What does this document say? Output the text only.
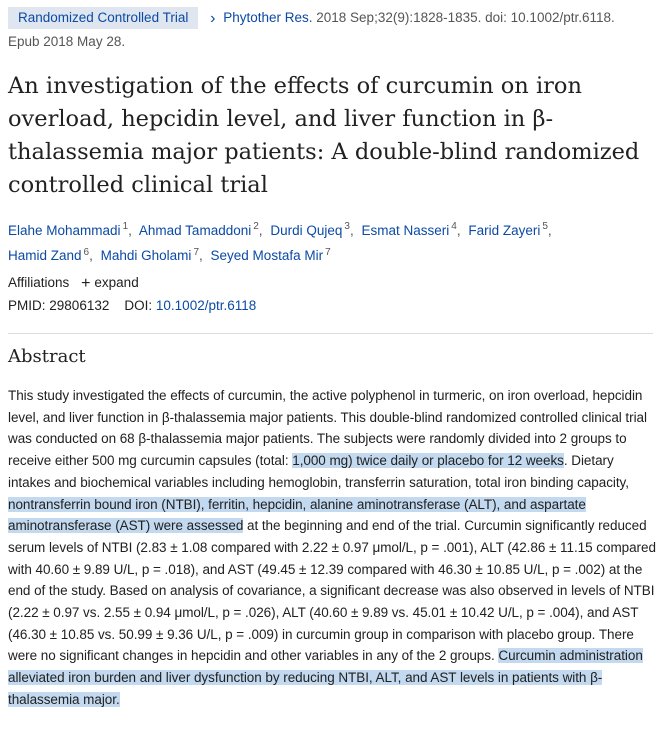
Randomized Controlled Trial › Phytother Res. 2018 Sep;32(9):1828-1835. doi: 10.1002/ptr.6118.
Epub 2018 May 28.
An investigation of the effects of curcumin on iron overload, hepcidin level, and liver function in β-thalassemia major patients: A double-blind randomized controlled clinical trial
Elahe Mohammadi $^1$, Ahmad Tamaddoni $^2$, Durdi Qujeq $^3$, Esmat Nasseri $^4$, Farid Zayeri $^5$,
Hamid Zand $^6$, Mahdi Gholami $^7$, Seyed Mostafa Mir $^7$
Affiliations + expand
PMID: 29806132 DOI: 10.1002/ptr.6118
Abstract

This study investigated the effects of curcumin, the active polyphenol in turmeric, on iron overload, hepcidin level, and liver function in β-thalassemia major patients. This double-blind randomized controlled clinical trial was conducted on 68 β-thalassemia major patients. The subjects were randomly divided into 2 groups to receive either 500 mg curcumin capsules (total: 1,000 mg) twice daily or placebo for 12 weeks. Dietary intakes and biochemical variables including hemoglobin, transferrin saturation, total iron binding capacity, nontransferrin bound iron (NTBI), ferritin, hepcidin, alanine aminotransferase (ALT), and aspartate aminotransferase (AST) were assessed at the beginning and end of the trial. Curcumin significantly reduced serum levels of NTBI (2.83 ± 1.08 compared with 2.22 ± 0.97 μmol/L, p = .001), ALT (42.86 ± 11.15 compared with 40.60 ± 9.89 U/L, p = .018), and AST (49.45 ± 12.39 compared with 46.30 ± 10.85 U/L, p = .002) at the end of the study. Based on analysis of covariance, a significant decrease was also observed in levels of NTBI (2.22 ± 0.97 vs. 2.55 ± 0.94 μmol/L, p = .026), ALT (40.60 ± 9.89 vs. 45.01 ± 10.42 U/L, p = .004), and AST (46.30 ± 10.85 vs. 50.99 ± 9.36 U/L, p = .009) in curcumin group in comparison with placebo group. There were no significant changes in hepcidin and other variables in any of the 2 groups. Curcumin administration alleviated iron burden and liver dysfunction by reducing NTBI, ALT, and AST levels in patients with β-thalassemia major.
